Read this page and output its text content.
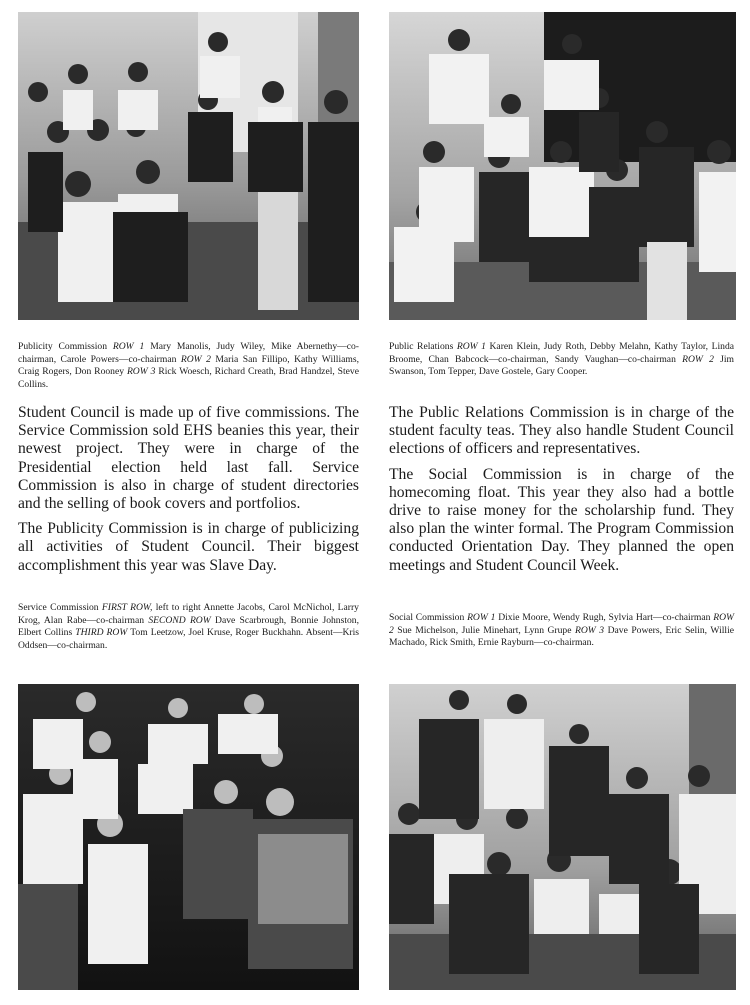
Publicity Commission ROW 1 Mary Manolis, Judy Wiley, Mike Abernethy—co-chairman, Carole Powers—co-chairman ROW 2 Maria San Fillipo, Kathy Williams, Craig Rogers, Don Rooney ROW 3 Rick Woesch, Richard Creath, Brad Handzel, Steve Collins.

Public Relations ROW 1 Karen Klein, Judy Roth, Debby Melahn, Kathy Taylor, Linda Broome, Chan Babcock—co-chairman, Sandy Vaughan—co-chairman ROW 2 Jim Swanson, Tom Tepper, Dave Gostele, Gary Cooper.

Student Council is made up of five commissions. The Service Commission sold EHS beanies this year, their newest project. They were in charge of the Presidential election held last fall. Service Commission is also in charge of student directories and the selling of book covers and portfolios.

The Publicity Commission is in charge of publicizing all activities of Student Council. Their biggest accomplishment this year was Slave Day.

The Public Relations Commission is in charge of the student faculty teas. They also handle Student Council elections of officers and representatives.

The Social Commission is in charge of the homecoming float. This year they also had a bottle drive to raise money for the scholarship fund. They also plan the winter formal. The Program Commission conducted Orientation Day. They planned the open meetings and Student Council Week.

Service Commission FIRST ROW, left to right Annette Jacobs, Carol McNichol, Larry Krog, Alan Rabe—co-chairman SECOND ROW Dave Scarbrough, Bonnie Johnston, Elbert Collins THIRD ROW Tom Leetzow, Joel Kruse, Roger Buckhahn. Absent—Kris Oddsen—co-chairman.

Social Commission ROW 1 Dixie Moore, Wendy Rugh, Sylvia Hart—co-chairman ROW 2 Sue Michelson, Julie Minehart, Lynn Grupe ROW 3 Dave Powers, Eric Selin, Willie Machado, Rick Smith, Ernie Rayburn—co-chairman.
